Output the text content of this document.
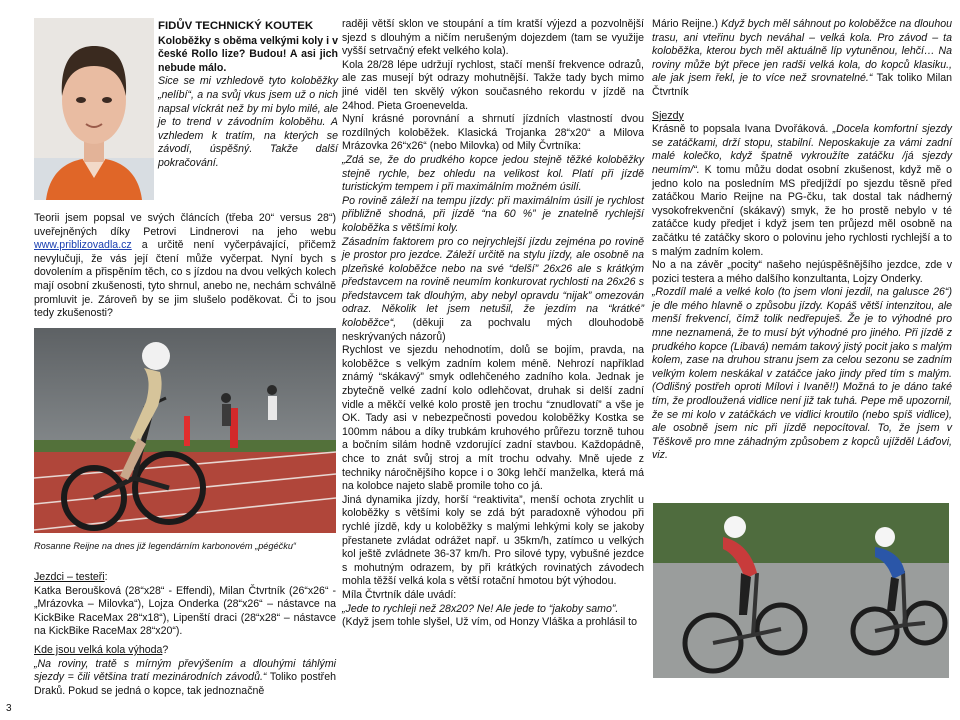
FIDŮV TECHNICKÝ KOUTEK

Koloběžky s oběma velkými koly i v české Rollo lize? Budou! A asi jich nebude málo.

Sice se mi vzhledově tyto koloběžky „nelíbí“, a na svůj vkus jsem už o nich napsal víckrát než by mi bylo milé, ale je to trend v závodním koloběhu. A vzhledem k tratím, na kterých se závodí, úspěšný. Takže další pokračování.

Teorii jsem popsal ve svých článcích (třeba 20“ versus 28“) uveřejněných díky Petrovi Lindnerovi na jeho webu www.priblizovadla.cz a určitě není vyčerpávající, přičemž nevylučuji, že vás její čtení může vyčerpat. Nyní bych s dovolením a přispěním těch, co s jízdou na dvou velkých kolech mají osobní zkušenosti, tyto shrnul, anebo ne, nechám schválně promluvit je. Zároveň by se jim slušelo poděkovat. Či to jsou tedy zkušenosti?

Rosanne Reijne na dnes již legendárním karbonovém „pégéčku“

Jezdci – testeři:

Katka Beroušková (28“x28“ - Effendi), Milan Čtvrtník (26“x26“ - „Mrázovka – Milovka“), Lojza Onderka (28“x26“ – nástavce na KickBike RaceMax 28“x18“), Lipenští draci (28“x28“ – nástavce na KickBike RaceMax 28“x20“).

Kde jsou velká kola výhoda?

„Na roviny, tratě s mírným převýšením a dlouhými táhlými sjezdy = čili většina tratí mezinárodních závodů.“ Toliko postřeh Draků. Pokud se jedná o kopce, tak jednoznačně

raději větší sklon ve stoupání a tím kratší výjezd a pozvolnější sjezd s dlouhým a ničím nerušeným dojezdem (tam se využije vyšší setrvačný efekt velkého kola).

Kola 28/28 lépe udržují rychlost, stačí menší frekvence odrazů, ale zas musejí být odrazy mohutnější. Takže tady bych mimo jiné viděl ten skvělý výkon současného rekordu v jízdě na 24hod. Pieta Groenevelda.

Nyní krásné porovnání a shrnutí jízdních vlastností dvou rozdílných koloběžek. Klasická Trojanka 28“x20“ a Milova Mrázovka 26“x26“ (nebo Milovka) od Mily Čvrtníka:

„Zdá se, že do prudkého kopce jedou stejně těžké koloběžky stejně rychle, bez ohledu na velikost kol. Platí při jízdě turistickým tempem i při maximálním možném úsilí.

Po rovině záleží na tempu jízdy: při maximálním úsilí je rychlost přibližně shodná, při jízdě “na 60 %” je znatelně rychlejší koloběžka s většími koly.

Zásadním faktorem pro co nejrychlejší jízdu zejména po rovině je prostor pro jezdce. Záleží určitě na stylu jízdy, ale osobně na plzeňské koloběžce nebo na své “delší” 26x26 ale s krátkým představcem na rovině neumím konkurovat rychlosti na 26x26 s představcem tak dlouhým, aby nebyl opravdu “nijak” omezován odraz. Několik let jsem netušil, že jezdím na “krátké” koloběžce“, (děkuji za pochvalu mých dlouhodobě neskrývaných názorů)

Rychlost ve sjezdu nehodnotím, dolů se bojím, pravda, na koloběžce s velkým zadním kolem méně. Nehrozí například známý “skákavý” smyk odlehčeného zadního kola. Jednak je zbytečně velké zadní kolo odlehčovat, druhak si delší zadní vidle a měkčí velké kolo prostě jen trochu “znudlovatí” a vše je OK. Tady asi v nebezpečnosti povedou koloběžky Kostka se 100mm nábou a díky trubkám kruhového průřezu torzně tuhou a bočním silám hodně vzdorující zadní stavbou. Každopádně, chce to znát svůj stroj a mít trochu odvahy. Mně ujede z techniky náročnějšího kopce i o 30kg lehčí manželka, která má na kolobce najeto slabě promile toho co já.

Jiná dynamika jízdy, horší “reaktivita”, menší ochota zrychlit u koloběžky s většími koly se zdá být paradoxně výhodou při rychlé jízdě, kdy u koloběžky s malými lehkými koly se jakoby přestanete zvládat odrážet např. u 35km/h, zatímco u velkých kol ještě zvládnete 36-37 km/h. Pro silové typy, vybušné jezdce s mohutným odrazem, by při krátkých rovinatých závodech mohla těžší velká kola s větší rotační hmotou být výhodou.

Míla Čtvrtník dále uvádí:

„Jede to rychleji než 28x20? Ne! Ale jede to “jakoby samo”.

(Když jsem tohle slyšel, Už vím, od Honzy Vláška a prohlásil to

Mário Reijne.) Když bych měl sáhnout po koloběžce na dlouhou trasu, ani vteřinu bych neváhal – velká kola. Pro závod – ta koloběžka, kterou bych měl aktuálně líp vytuněnou, lehčí… Na roviny může být přece jen radši velká kola, do kopců klasiku., ale jak jsem řekl, je to více než srovnatelné.“ Tak toliko Milan Čtvrtník

Sjezdy

Krásně to popsala Ivana Dvořáková. „Docela komfortní sjezdy se zatáčkami, drží stopu, stabilní. Neposkakuje za vámi zadní malé kolečko, když špatně vykroužíte zatáčku /já sjezdy neumím/“. K tomu můžu dodat osobní zkušenost, když mě o jedno kolo na posledním MS předjíždí po sjezdu těsně před zatáčkou Mario Reijne na PG-čku, tak dostal tak nádherný vysokofrekvenční (skákavý) smyk, že ho prostě nebylo v té zatáčce kudy předjet i když jsem ten průjezd měl osobně na začátku té zatáčky skoro o polovinu jeho rychlosti rychlejší a to s malým zadním kolem.

No a na závěr „pocity“ našeho nejúspěšnějšího jezdce, zde v pozici testera a mého dalšího konzultanta, Lojzy Onderky.

„Rozdíl malé a velké kolo (to jsem vloni jezdil, na galusce 26“) je dle mého hlavně o způsobu jízdy. Kopáš větší intenzitou, ale menší frekvencí, čímž tolik nedřepuješ. Že je to výhodné pro mne neznamená, že to musí být výhodné pro jiného. Při jízdě z prudkého kopce (Libavá) nemám takový jistý pocit jako s malým kolem, zase na druhou stranu jsem za celou sezonu se zadním velkým kolem neskákal v zatáčce jako jindy před tím s malým. (Odlišný postřeh oproti Mílovi i Ivaně!!) Možná to je dáno také tím, že prodloužená vidlice není již tak tuhá. Pepe mě upozornil, že se mi kolo v zatáčkách ve vidlici kroutilo (nebo spíš vidlice), ale osobně jsem nic při jízdě nepocítoval. To, že jsem v Těškově pro mne záhadným způsobem z kopců ujížděl Láďovi, viz.

3
